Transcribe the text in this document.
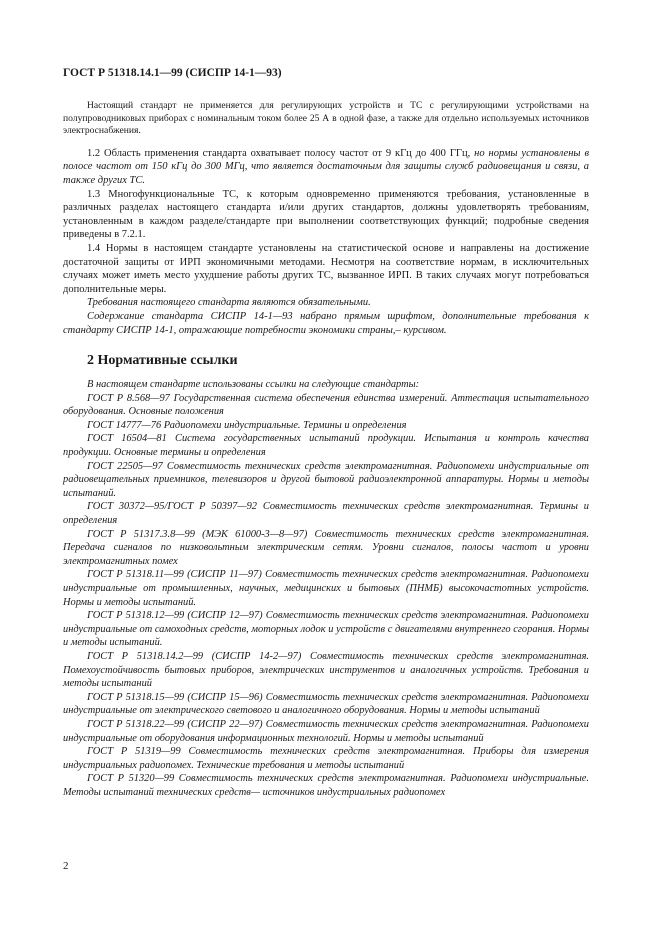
ГОСТ Р 51318.14.1—99 (СИСПР 14-1—93)

Настоящий стандарт не применяется для регулирующих устройств и ТС с регулирующими устройствами на полупроводниковых приборах с номинальным током более 25 А в одной фазе, а также для отдельно используемых источников электроснабжения.

1.2 Область применения стандарта охватывает полосу частот от 9 кГц до 400 ГГц, но нормы установлены в полосе частот от 150 кГц до 300 МГц, что является достаточным для защиты служб радиовещания и связи, а также других ТС.

1.3 Многофункциональные ТС, к которым одновременно применяются требования, установленные в различных разделах настоящего стандарта и/или других стандартов, должны удовлетворять требованиям, установленным в каждом разделе/стандарте при выполнении соответствующих функций; подробные сведения приведены в 7.2.1.

1.4 Нормы в настоящем стандарте установлены на статистической основе и направлены на достижение достаточной защиты от ИРП экономичными методами. Несмотря на соответствие нормам, в исключительных случаях может иметь место ухудшение работы других ТС, вызванное ИРП. В таких случаях могут потребоваться дополнительные меры.

Требования настоящего стандарта являются обязательными.

Содержание стандарта СИСПР 14-1—93 набрано прямым шрифтом, дополнительные требования к стандарту СИСПР 14-1, отражающие потребности экономики страны,– курсивом.

2 Нормативные ссылки

В настоящем стандарте использованы ссылки на следующие стандарты:

ГОСТ Р 8.568—97 Государственная система обеспечения единства измерений. Аттестация испытательного оборудования. Основные положения

ГОСТ 14777—76 Радиопомехи индустриальные. Термины и определения

ГОСТ 16504—81 Система государственных испытаний продукции. Испытания и контроль качества продукции. Основные термины и определения

ГОСТ 22505—97 Совместимость технических средств электромагнитная. Радиопомехи индустриальные от радиовещательных приемников, телевизоров и другой бытовой радиоэлектронной аппаратуры. Нормы и методы испытаний.

ГОСТ 30372—95/ГОСТ Р 50397—92 Совместимость технических средств электромагнитная. Термины и определения

ГОСТ Р 51317.3.8—99 (МЭК 61000-3—8—97) Совместимость технических средств электромагнитная. Передача сигналов по низковольтным электрическим сетям. Уровни сигналов, полосы частот и уровни электромагнитных помех

ГОСТ Р 51318.11—99 (СИСПР 11—97) Совместимость технических средств электромагнитная. Радиопомехи индустриальные от промышленных, научных, медицинских и бытовых (ПНМБ) высокочастотных устройств. Нормы и методы испытаний.

ГОСТ Р 51318.12—99 (СИСПР 12—97) Совместимость технических средств электромагнитная. Радиопомехи индустриальные от самоходных средств, моторных лодок и устройств с двигателями внутреннего сгорания. Нормы и методы испытаний.

ГОСТ Р 51318.14.2—99 (СИСПР 14-2—97) Совместимость технических средств электромагнитная. Помехоустойчивость бытовых приборов, электрических инструментов и аналогичных устройств. Требования и методы испытаний

ГОСТ Р 51318.15—99 (СИСПР 15—96) Совместимость технических средств электромагнитная. Радиопомехи индустриальные от электрического светового и аналогичного оборудования. Нормы и методы испытаний

ГОСТ Р 51318.22—99 (СИСПР 22—97) Совместимость технических средств электромагнитная. Радиопомехи индустриальные от оборудования информационных технологий. Нормы и методы испытаний

ГОСТ Р 51319—99 Совместимость технических средств электромагнитная. Приборы для измерения индустриальных радиопомех. Технические требования и методы испытаний

ГОСТ Р 51320—99 Совместимость технических средств электромагнитная. Радиопомехи индустриальные. Методы испытаний технических средств— источников индустриальных радиопомех

2
